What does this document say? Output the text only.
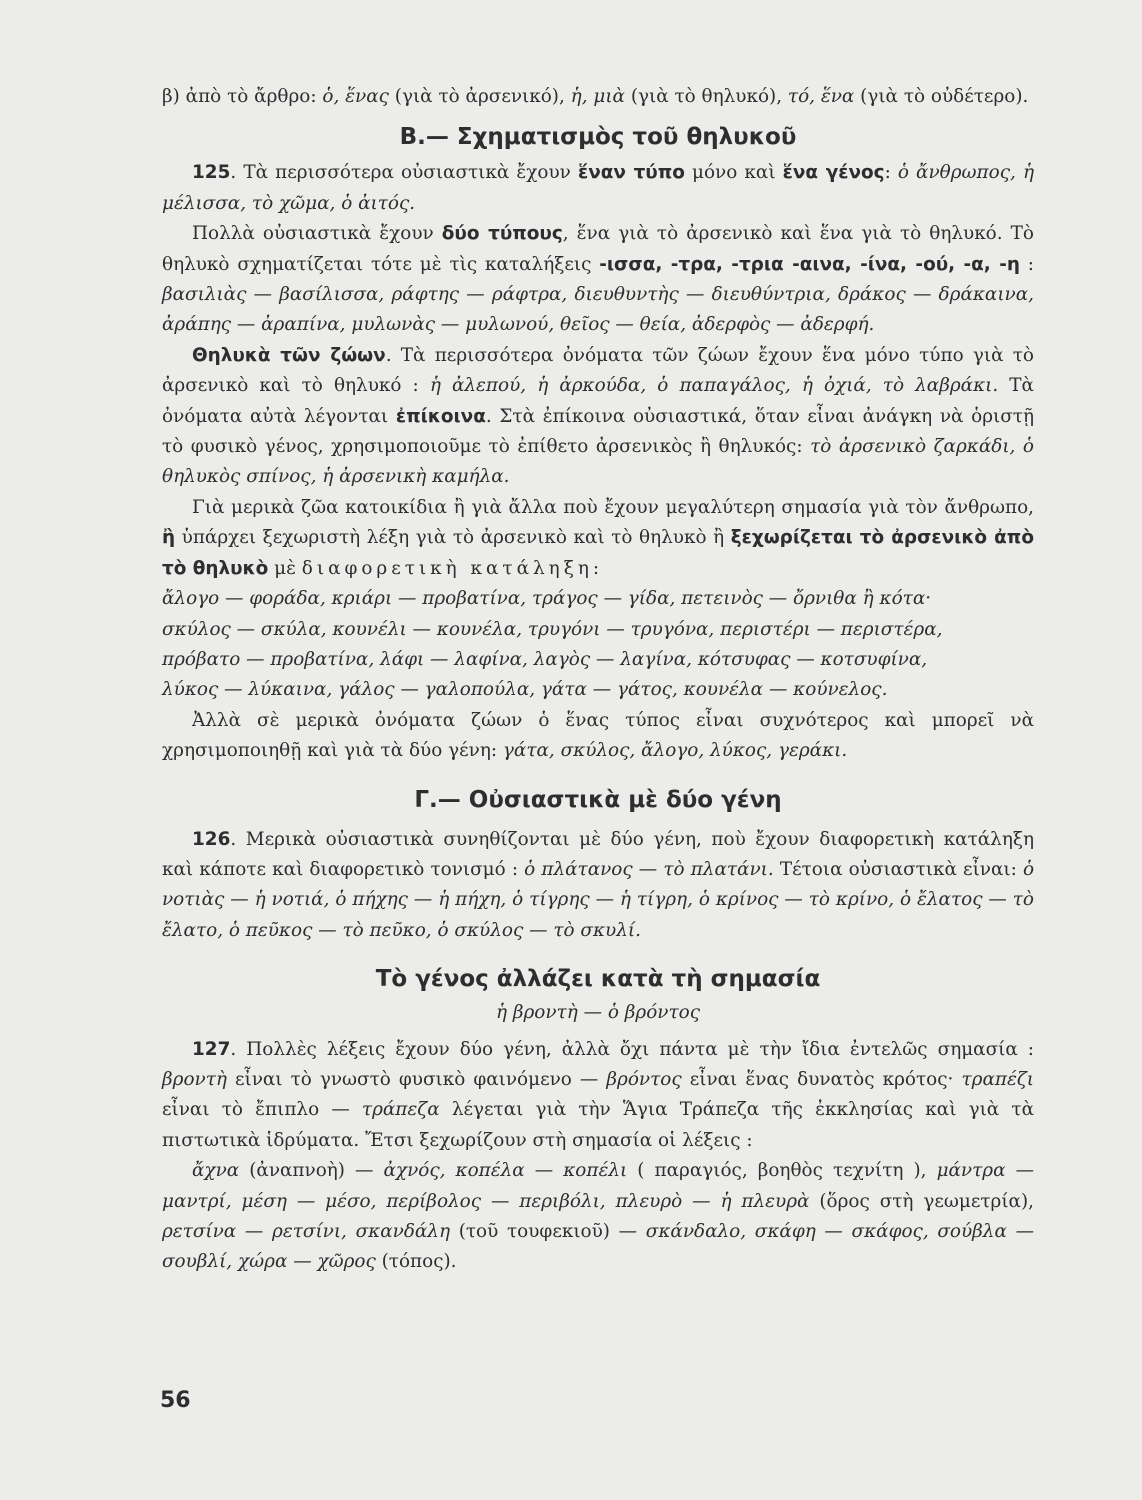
β) ἀπὸ τὸ ἄρθρο: ὁ, ἕνας (γιὰ τὸ ἀρσενικό), ἡ, μιὰ (γιὰ τὸ θηλυκό), τό, ἕνα (γιὰ τὸ οὐδέτερο).

Β.— Σχηματισμὸς τοῦ θηλυκοῦ

125. Τὰ περισσότερα οὐσιαστικὰ ἔχουν ἕναν τύπο μόνο καὶ ἕνα γένος: ὁ ἄνθρωπος, ἡ μέλισσα, τὸ χῶμα, ὁ ἀιτός.

Πολλὰ οὐσιαστικὰ ἔχουν δύο τύπους, ἕνα γιὰ τὸ ἀρσενικὸ καὶ ἕνα γιὰ τὸ θηλυκό. Τὸ θηλυκὸ σχηματίζεται τότε μὲ τὶς καταλήξεις -ισσα, -τρα, -τρια -αινα, -ίνα, -ού, -α, -η : βασιλιὰς — βασίλισσα, ράφτης — ράφτρα, διευθυντὴς — διευθύντρια, δράκος — δράκαινα, ἀράπης — ἀραπίνα, μυλωνὰς — μυλωνού, θεῖος — θεία, ἀδερφὸς — ἀδερφή.

Θηλυκὰ τῶν ζώων. Τὰ περισσότερα ὀνόματα τῶν ζώων ἔχουν ἕνα μόνο τύπο γιὰ τὸ ἀρσενικὸ καὶ τὸ θηλυκό : ἡ ἀλεπού, ἡ ἀρκούδα, ὁ παπαγάλος, ἡ ὀχιά, τὸ λαβράκι. Τὰ ὀνόματα αὐτὰ λέγονται ἐπίκοινα. Στὰ ἐπίκοινα οὐσιαστικά, ὅταν εἶναι ἀνάγκη νὰ ὁριστῇ τὸ φυσικὸ γένος, χρησιμοποιοῦμε τὸ ἐπίθετο ἀρσενικὸς ἢ θηλυκός: τὸ ἀρσενικὸ ζαρκάδι, ὁ θηλυκὸς σπίνος, ἡ ἀρσενικὴ καμήλα.

Γιὰ μερικὰ ζῶα κατοικίδια ἢ γιὰ ἄλλα ποὺ ἔχουν μεγαλύτερη σημασία γιὰ τὸν ἄνθρωπο, ἢ ὑπάρχει ξεχωριστὴ λέξη γιὰ τὸ ἀρσενικὸ καὶ τὸ θηλυκὸ ἢ ξεχωρίζεται τὸ ἀρσενικὸ ἀπὸ τὸ θηλυκὸ μὲ διαφορετικὴ κατάληξη:

ἄλογο — φοράδα, κριάρι — προβατίνα, τράγος — γίδα, πετεινὸς — ὄρνιθα ἢ κότα·

σκύλος — σκύλα, κουνέλι — κουνέλα, τρυγόνι — τρυγόνα, περιστέρι — περιστέρα,

πρόβατο — προβατίνα, λάφι — λαφίνα, λαγὸς — λαγίνα, κότσυφας — κοτσυφίνα,

λύκος — λύκαινα, γάλος — γαλοπούλα, γάτα — γάτος, κουνέλα — κούνελος.

Ἀλλὰ σὲ μερικὰ ὀνόματα ζώων ὁ ἕνας τύπος εἶναι συχνότερος καὶ μπορεῖ νὰ χρησιμοποιηθῇ καὶ γιὰ τὰ δύο γένη: γάτα, σκύλος, ἄλογο, λύκος, γεράκι.

Γ.— Οὐσιαστικὰ μὲ δύο γένη

126. Μερικὰ οὐσιαστικὰ συνηθίζονται μὲ δύο γένη, ποὺ ἔχουν διαφορετικὴ κατάληξη καὶ κάποτε καὶ διαφορετικὸ τονισμό : ὁ πλάτανος — τὸ πλατάνι. Τέτοια οὐσιαστικὰ εἶναι: ὁ νοτιὰς — ἡ νοτιά, ὁ πήχης — ἡ πήχη, ὁ τίγρης — ἡ τίγρη, ὁ κρίνος — τὸ κρίνο, ὁ ἔλατος — τὸ ἔλατο, ὁ πεῦκος — τὸ πεῦκο, ὁ σκύλος — τὸ σκυλί.

Τὸ γένος ἀλλάζει κατὰ τὴ σημασία
ἡ βροντὴ — ὁ βρόντος

127. Πολλὲς λέξεις ἔχουν δύο γένη, ἀλλὰ ὄχι πάντα μὲ τὴν ἴδια ἐντελῶς σημασία : βροντὴ εἶναι τὸ γνωστὸ φυσικὸ φαινόμενο — βρόντος εἶναι ἕνας δυνατὸς κρότος· τραπέζι εἶναι τὸ ἔπιπλο — τράπεζα λέγεται γιὰ τὴν Ἅγια Τράπεζα τῆς ἐκκλησίας καὶ γιὰ τὰ πιστωτικὰ ἱδρύματα. Ἔτσι ξεχωρίζουν στὴ σημασία οἱ λέξεις :

ἄχνα (ἀναπνοὴ) — ἀχνός, κοπέλα — κοπέλι ( παραγιός, βοηθὸς τεχνίτη ), μάντρα — μαντρί, μέση — μέσο, περίβολος — περιβόλι, πλευρὸ — ἡ πλευρὰ (ὅρος στὴ γεωμετρία), ρετσίνα — ρετσίνι, σκανδάλη (τοῦ τουφεκιοῦ) — σκάνδαλο, σκάφη — σκάφος, σούβλα — σουβλί, χώρα — χῶρος (τόπος).

56
